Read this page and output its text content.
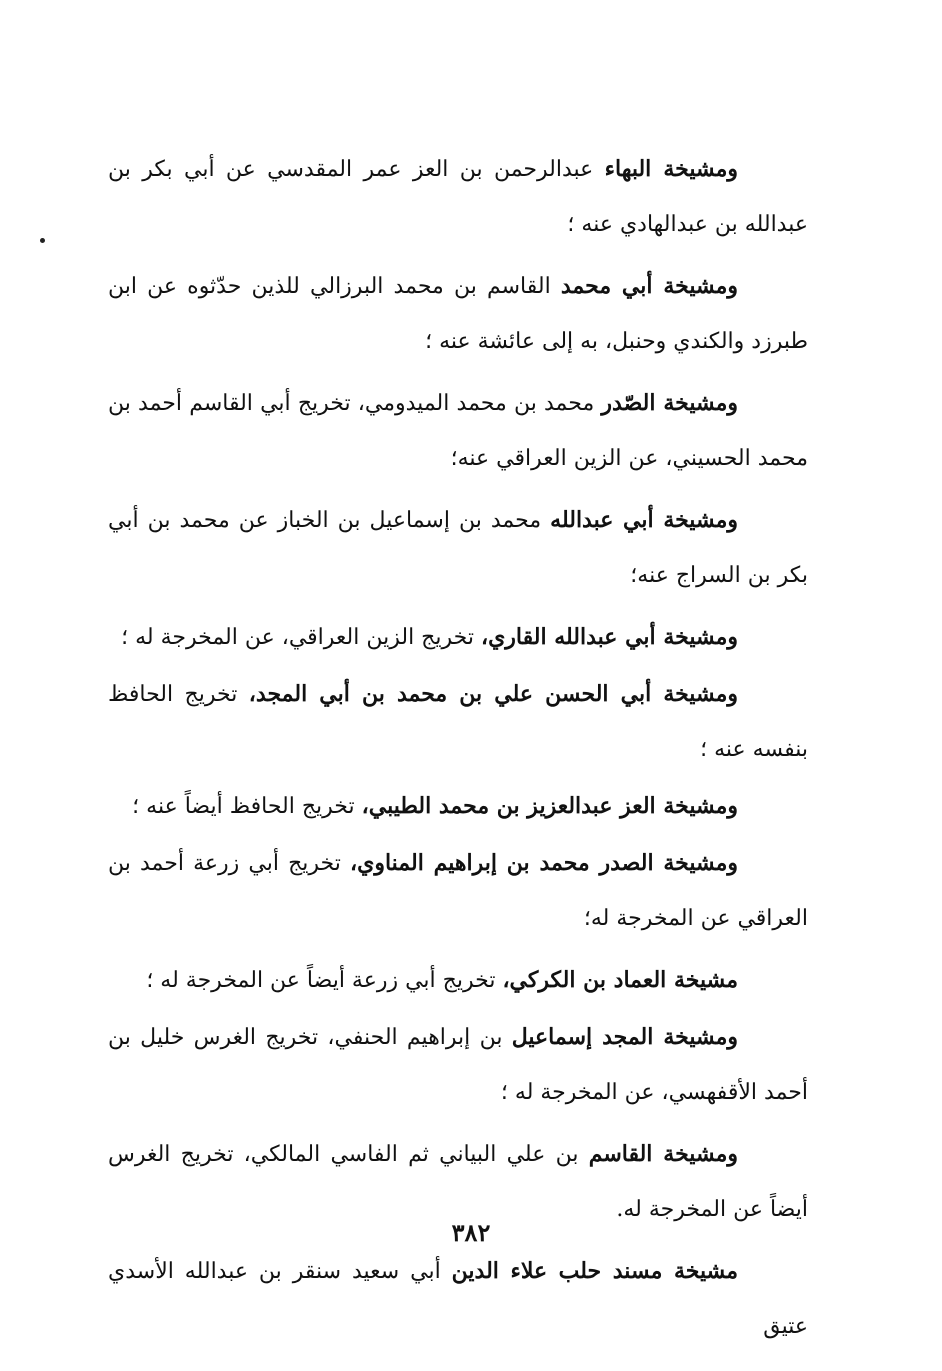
ومشيخة البهاء عبدالرحمن بن العز عمر المقدسي عن أبي بكر بن عبدالله بن عبدالهادي عنه ؛

ومشيخة أبي محمد القاسم بن محمد البرزالي للذين حدّثوه عن ابن طبرزد والكندي وحنبل، به إلى عائشة عنه ؛

ومشيخة الصّدر محمد بن محمد الميدومي، تخريج أبي القاسم أحمد بن محمد الحسيني، عن الزين العراقي عنه؛

ومشيخة أبي عبدالله محمد بن إسماعيل بن الخباز عن محمد بن أبي بكر بن السراج عنه؛

ومشيخة أبي عبدالله القاري، تخريج الزين العراقي، عن المخرجة له ؛

ومشيخة أبي الحسن علي بن محمد بن أبي المجد، تخريج الحافظ بنفسه عنه ؛

ومشيخة العز عبدالعزيز بن محمد الطيبي، تخريج الحافظ أيضاً عنه ؛

ومشيخة الصدر محمد بن إبراهيم المناوي، تخريج أبي زرعة أحمد بن العراقي عن المخرجة له؛

مشيخة العماد بن الكركي، تخريج أبي زرعة أيضاً عن المخرجة له ؛

ومشيخة المجد إسماعيل بن إبراهيم الحنفي، تخريج الغرس خليل بن أحمد الأقفهسي، عن المخرجة له ؛

ومشيخة القاسم بن علي البياني ثم الفاسي المالكي، تخريج الغرس أيضاً عن المخرجة له.

مشيخة مسند حلب علاء الدين أبي سعيد سنقر بن عبدالله الأسدي عتيق

٣٨٢
